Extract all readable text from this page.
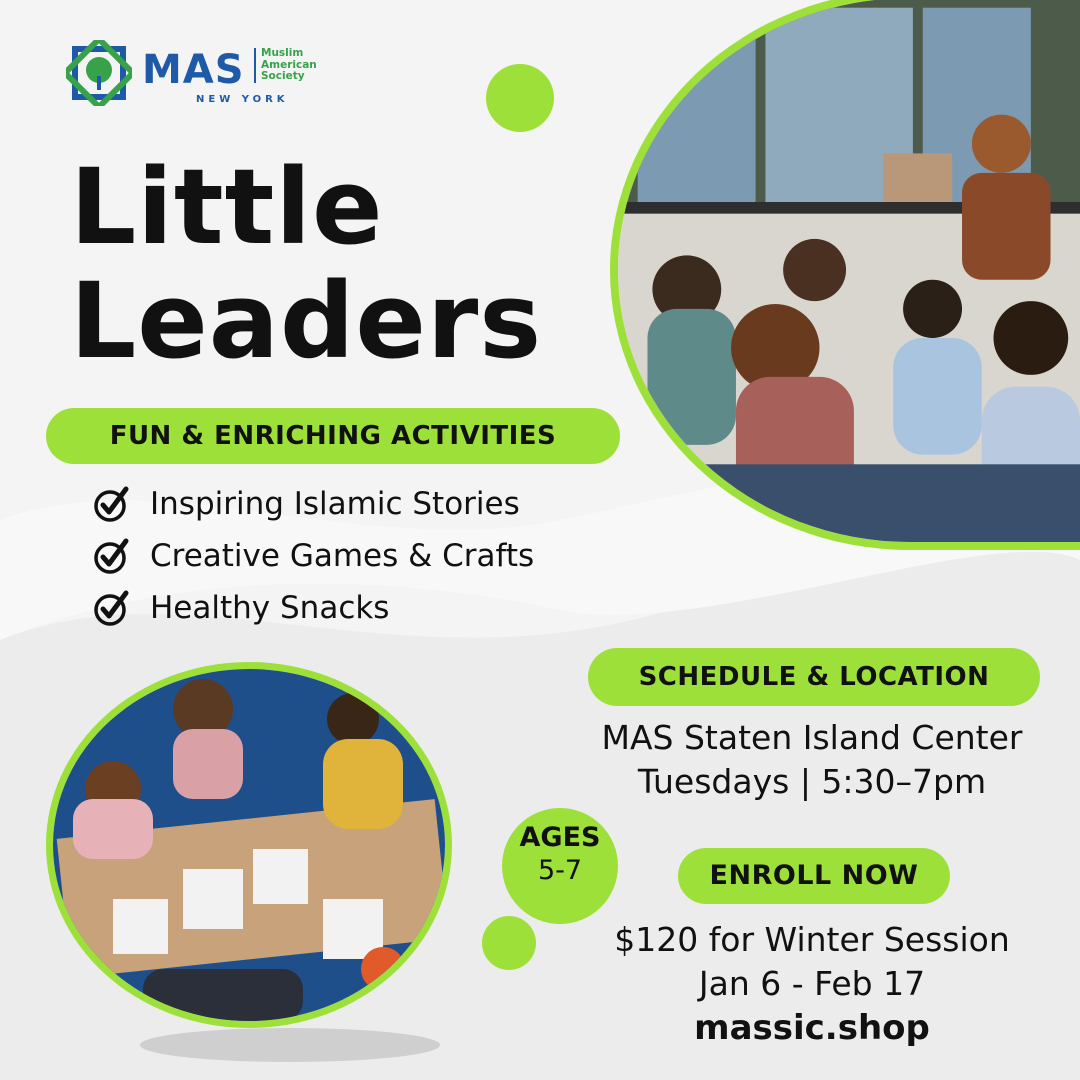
MAS Muslim
American
Society
NEW YORK
Little
Leaders
FUN & ENRICHING ACTIVITIES
Inspiring Islamic Stories
Creative Games & Crafts
Healthy Snacks
SCHEDULE & LOCATION
MAS Staten Island Center
Tuesdays | 5:30–7pm
AGES
5-7	ENROLL NOW
$120 for Winter Session
Jan 6 - Feb 17
massic.shop
